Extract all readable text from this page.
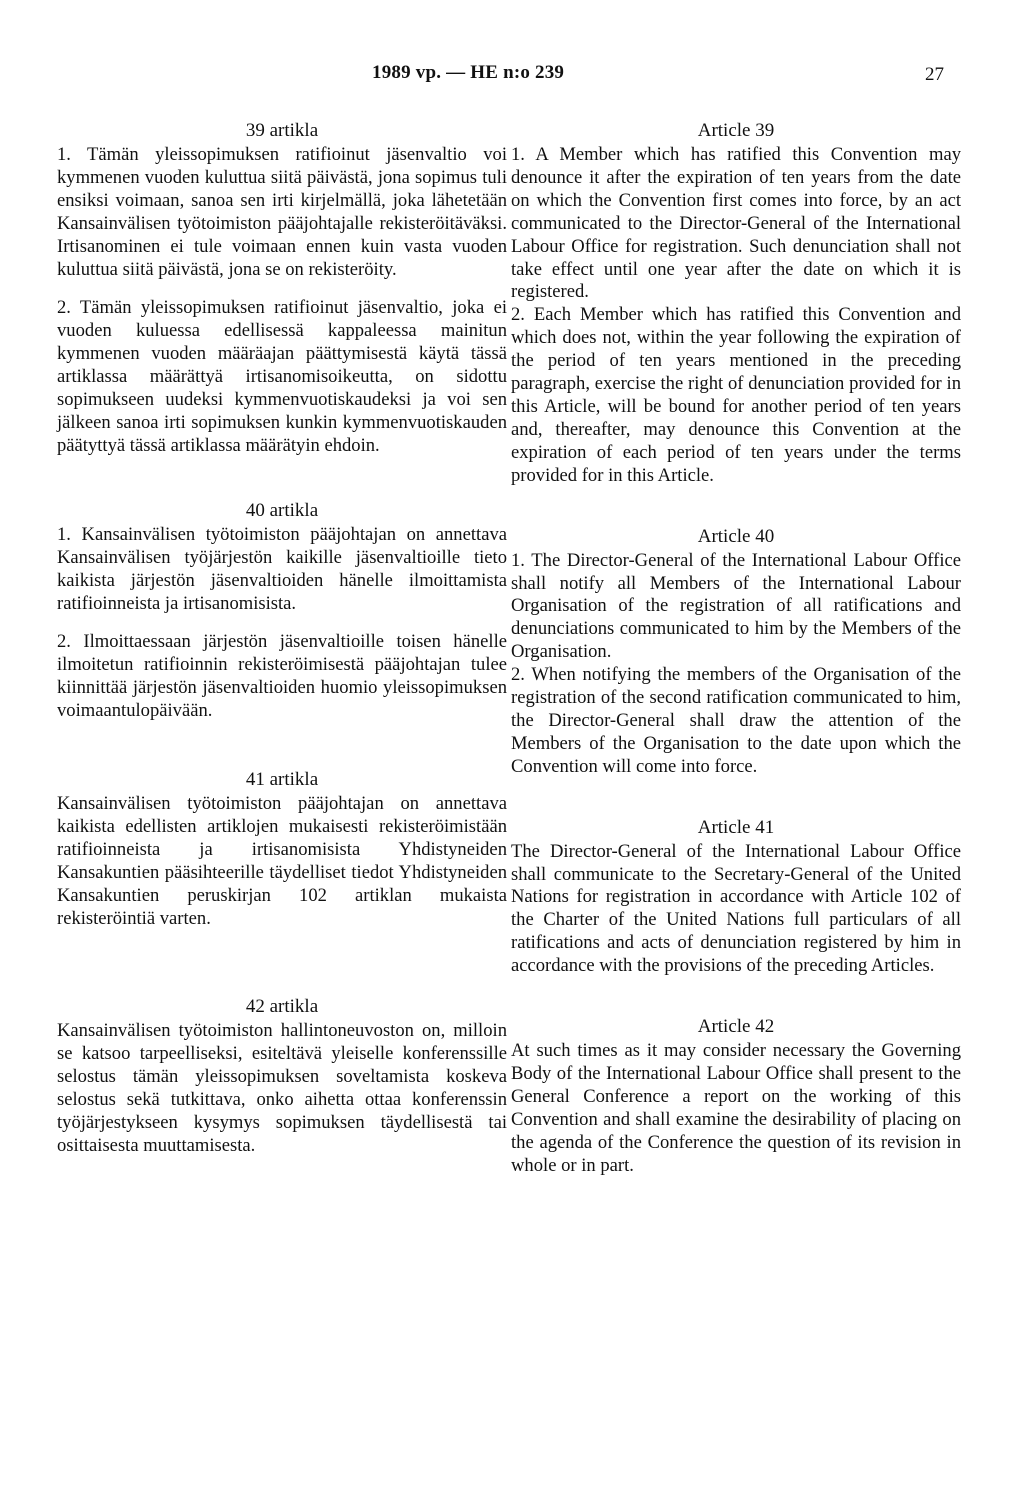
1989 vp. — HE n:o 239	27
39 artikla

1. Tämän yleissopimuksen ratifioinut jäsenvaltio voi kymmenen vuoden kuluttua siitä päivästä, jona sopimus tuli ensiksi voimaan, sanoa sen irti kirjelmällä, joka lähetetään Kansainvälisen työtoimiston pääjohtajalle rekisteröitäväksi. Irtisanominen ei tule voimaan ennen kuin vasta vuoden kuluttua siitä päivästä, jona se on rekisteröity.

2. Tämän yleissopimuksen ratifioinut jäsenvaltio, joka ei vuoden kuluessa edellisessä kappaleessa mainitun kymmenen vuoden määräajan päättymisestä käytä tässä artiklassa määrättyä irtisanomisoikeutta, on sidottu sopimukseen uudeksi kymmenvuotiskaudeksi ja voi sen jälkeen sanoa irti sopimuksen kunkin kymmenvuotiskauden päätyttyä tässä artiklassa määrätyin ehdoin.

40 artikla

1. Kansainvälisen työtoimiston pääjohtajan on annettava Kansainvälisen työjärjestön kaikille jäsenvaltioille tieto kaikista järjestön jäsenvaltioiden hänelle ilmoittamista ratifioinneista ja irtisanomisista.

2. Ilmoittaessaan järjestön jäsenvaltioille toisen hänelle ilmoitetun ratifioinnin rekisteröimisestä pääjohtajan tulee kiinnittää järjestön jäsenvaltioiden huomio yleissopimuksen voimaantulopäivään.

41 artikla

Kansainvälisen työtoimiston pääjohtajan on annettava kaikista edellisten artiklojen mukaisesti rekisteröimistään ratifioinneista ja irtisanomisista Yhdistyneiden Kansakuntien pääsihteerille täydelliset tiedot Yhdistyneiden Kansakuntien peruskirjan 102 artiklan mukaista rekisteröintiä varten.

42 artikla

Kansainvälisen työtoimiston hallintoneuvoston on, milloin se katsoo tarpeelliseksi, esiteltävä yleiselle konferenssille selostus tämän yleissopimuksen soveltamista koskeva selostus sekä tutkittava, onko aihetta ottaa konferenssin työjärjestykseen kysymys sopimuksen täydellisestä tai osittaisesta muuttamisesta.

Article 39

1. A Member which has ratified this Convention may denounce it after the expiration of ten years from the date on which the Convention first comes into force, by an act communicated to the Director-General of the International Labour Office for registration. Such denunciation shall not take effect until one year after the date on which it is registered.

2. Each Member which has ratified this Convention and which does not, within the year following the expiration of the period of ten years mentioned in the preceding paragraph, exercise the right of denunciation provided for in this Article, will be bound for another period of ten years and, thereafter, may denounce this Convention at the expiration of each period of ten years under the terms provided for in this Article.

Article 40

1. The Director-General of the International Labour Office shall notify all Members of the International Labour Organisation of the registration of all ratifications and denunciations communicated to him by the Members of the Organisation.

2. When notifying the members of the Organisation of the registration of the second ratification communicated to him, the Director-General shall draw the attention of the Members of the Organisation to the date upon which the Convention will come into force.

Article 41

The Director-General of the International Labour Office shall communicate to the Secretary-General of the United Nations for registration in accordance with Article 102 of the Charter of the United Nations full particulars of all ratifications and acts of denunciation registered by him in accordance with the provisions of the preceding Articles.

Article 42

At such times as it may consider necessary the Governing Body of the International Labour Office shall present to the General Conference a report on the working of this Convention and shall examine the desirability of placing on the agenda of the Conference the question of its revision in whole or in part.
